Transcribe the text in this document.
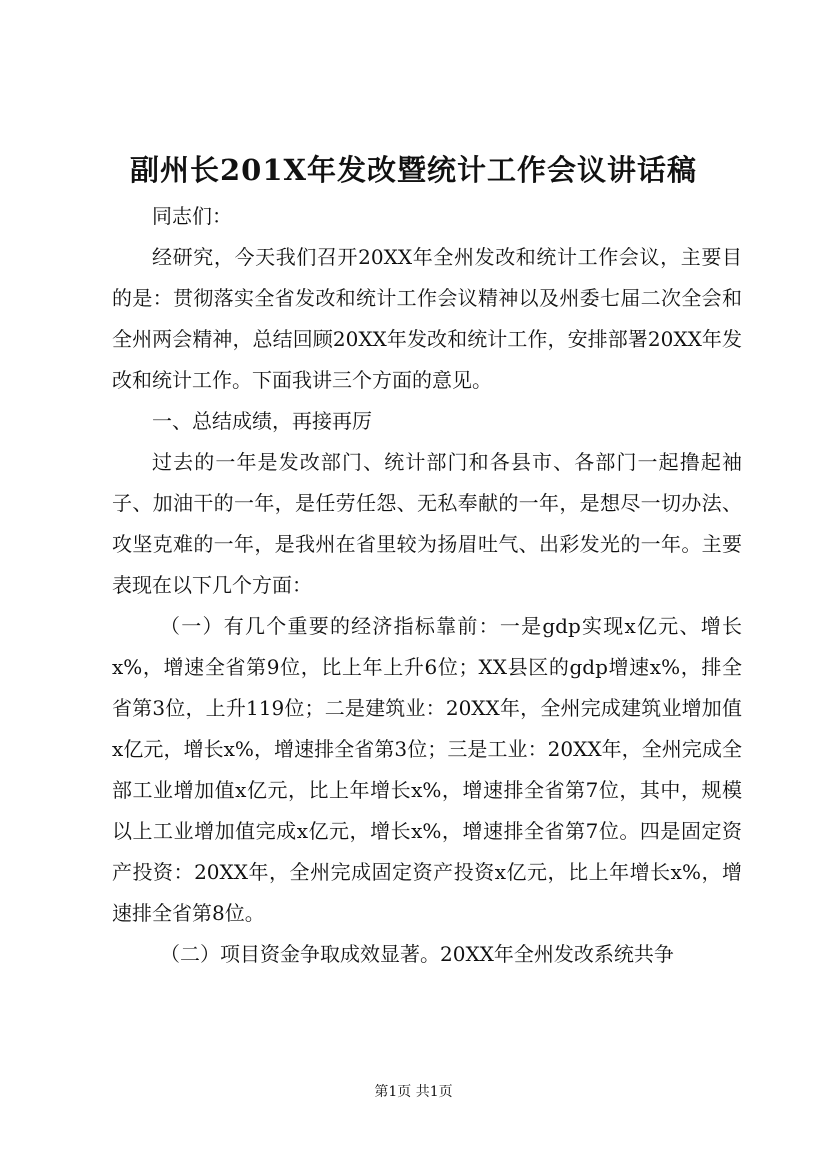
副州长201X年发改暨统计工作会议讲话稿

同志们：

经研究，今天我们召开20XX年全州发改和统计工作会议，主要目的是：贯彻落实全省发改和统计工作会议精神以及州委七届二次全会和全州两会精神，总结回顾20XX年发改和统计工作，安排部署20XX年发改和统计工作。下面我讲三个方面的意见。

一、总结成绩，再接再厉

过去的一年是发改部门、统计部门和各县市、各部门一起撸起袖子、加油干的一年，是任劳任怨、无私奉献的一年，是想尽一切办法、攻坚克难的一年，是我州在省里较为扬眉吐气、出彩发光的一年。主要表现在以下几个方面：

（一）有几个重要的经济指标靠前：一是gdp实现x亿元、增长x%，增速全省第9位，比上年上升6位；XX县区的gdp增速x%，排全省第3位，上升119位；二是建筑业：20XX年，全州完成建筑业增加值x亿元，增长x%，增速排全省第3位；三是工业：20XX年，全州完成全部工业增加值x亿元，比上年增长x%，增速排全省第7位，其中，规模以上工业增加值完成x亿元，增长x%，增速排全省第7位。四是固定资产投资：20XX年，全州完成固定资产投资x亿元，比上年增长x%，增速排全省第8位。

（二）项目资金争取成效显著。20XX年全州发改系统共争

第1页 共1页
